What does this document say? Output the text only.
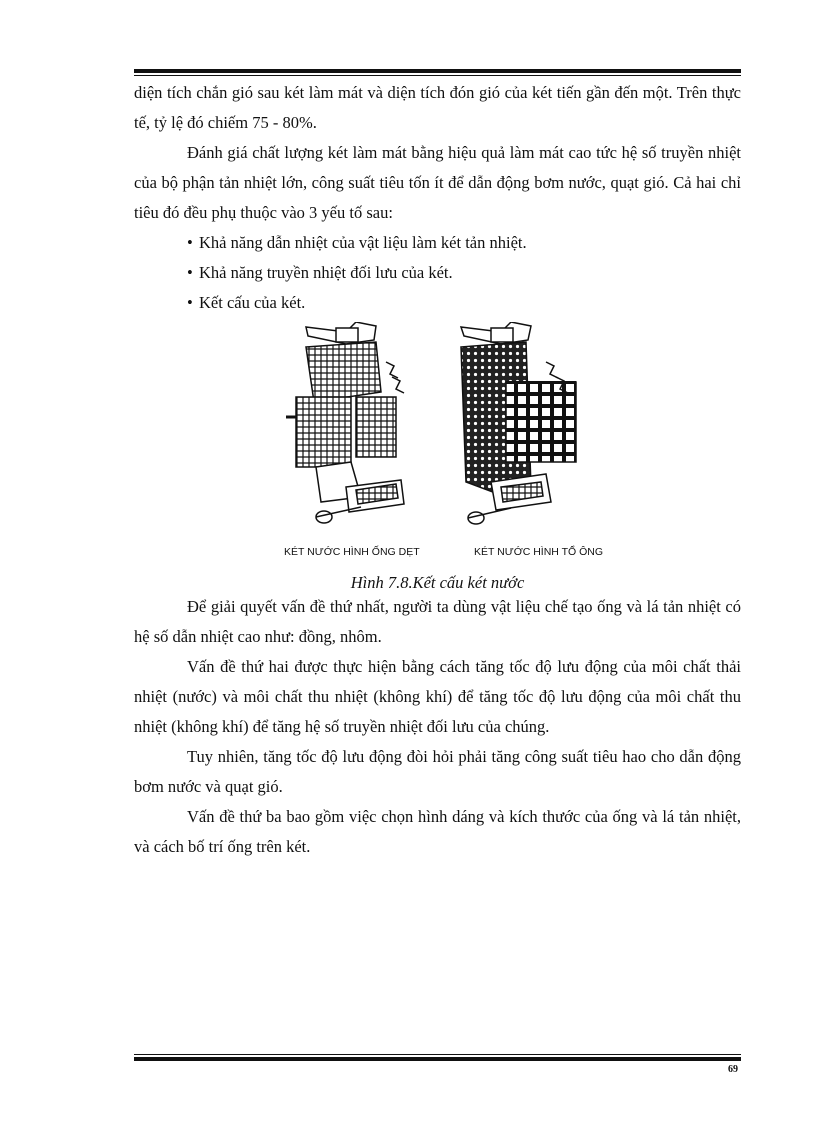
diện tích chắn gió sau két làm mát và diện tích đón gió của két tiến gần đến một. Trên thực tế, tỷ lệ đó chiếm 75 - 80%.

Đánh giá chất lượng két làm mát bằng hiệu quả làm mát cao tức hệ số truyền nhiệt của bộ phận tản nhiệt lớn, công suất tiêu tốn ít để dẫn động bơm nước, quạt gió. Cả hai chỉ tiêu đó đều phụ thuộc vào 3 yếu tố sau:

• Khả năng dẫn nhiệt của vật liệu làm két tản nhiệt.
• Khả năng truyền nhiệt đối lưu của két.
• Kết cấu của két.
KÉT NƯỚC HÌNH ỐNG DẸT	KÉT NƯỚC HÌNH TỔ ÔNG
Hình 7.8.Kết cấu két nước

Để giải quyết vấn đề thứ nhất, người ta dùng vật liệu chế tạo ống và lá tản nhiệt có hệ số dẫn nhiệt cao như: đồng, nhôm.

Vấn đề thứ hai được thực hiện bằng cách tăng tốc độ lưu động của môi chất thải nhiệt (nước) và môi chất thu nhiệt (không khí) để tăng tốc độ lưu động của môi chất thu nhiệt (không khí) để tăng hệ số truyền nhiệt đối lưu của chúng.

Tuy nhiên, tăng tốc độ lưu động đòi hỏi phải tăng công suất tiêu hao cho dẫn động bơm nước và quạt gió.

Vấn đề thứ ba bao gồm việc chọn hình dáng và kích thước của ống và lá tản nhiệt, và cách bố trí ống trên két.

69
